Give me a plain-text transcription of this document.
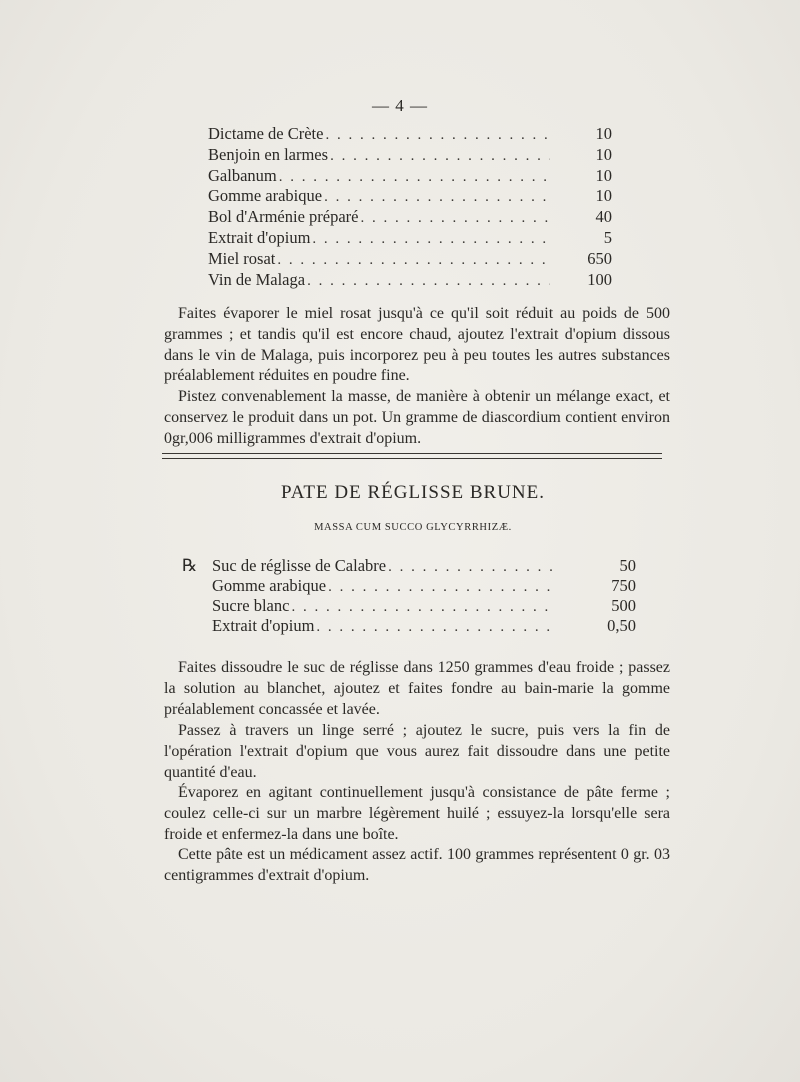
— 4 —
Dictame de Crète . . .	10
Benjoin en larmes . . .	10
Galbanum . . .	10
Gomme arabique . . .	10
Bol d'Arménie préparé . . .	40
Extrait d'opium . . .	5
Miel rosat . . .	650
Vin de Malaga . . .	100

Faites évaporer le miel rosat jusqu'à ce qu'il soit réduit au poids de 500 grammes ; et tandis qu'il est encore chaud, ajoutez l'extrait d'opium dissous dans le vin de Malaga, puis incorporez peu à peu toutes les autres substances préalablement réduites en poudre fine.

Pistez convenablement la masse, de manière à obtenir un mélange exact, et conservez le produit dans un pot. Un gramme de diascordium contient environ 0gr,006 milligrammes d'extrait d'opium.

PATE DE RÉGLISSE BRUNE.
MASSA CUM SUCCO GLYCYRRHIZÆ.
℞ Suc de réglisse de Calabre . . .	50
Gomme arabique . . .	750
Sucre blanc . . .	500
Extrait d'opium . . .	0,50

Faites dissoudre le suc de réglisse dans 1250 grammes d'eau froide ; passez la solution au blanchet, ajoutez et faites fondre au bain-marie la gomme préalablement concassée et lavée.

Passez à travers un linge serré ; ajoutez le sucre, puis vers la fin de l'opération l'extrait d'opium que vous aurez fait dissoudre dans une petite quantité d'eau.

Évaporez en agitant continuellement jusqu'à consistance de pâte ferme ; coulez celle-ci sur un marbre légèrement huilé ; essuyez-la lorsqu'elle sera froide et enfermez-la dans une boîte.

Cette pâte est un médicament assez actif. 100 grammes représentent 0 gr. 03 centigrammes d'extrait d'opium.
